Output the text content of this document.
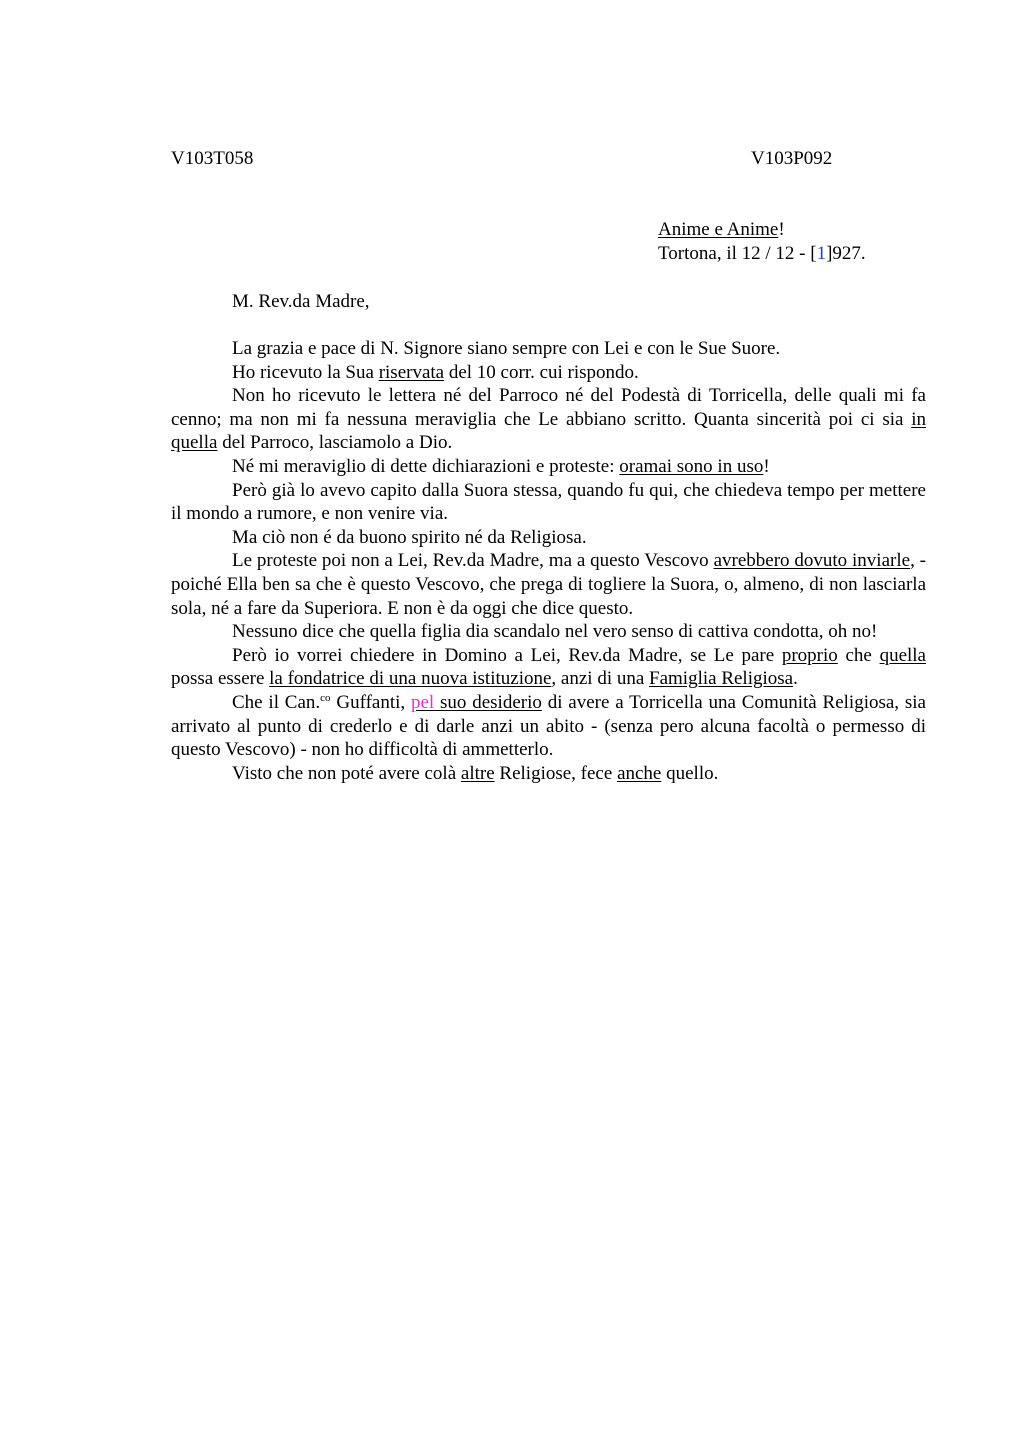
V103T058	V103P092
Anime e Anime!
Tortona, il 12 / 12 - [1]927.
M. Rev.da Madre,

La grazia e pace di N. Signore siano sempre con Lei e con le Sue Suore.

Ho ricevuto la Sua riservata del 10 corr. cui rispondo.

Non ho ricevuto le lettera né del Parroco né del Podestà di Torricella, delle quali mi fa cenno; ma non mi fa nessuna meraviglia che Le abbiano scritto. Quanta sincerità poi ci sia in quella del Parroco, lasciamolo a Dio.

Né mi meraviglio di dette dichiarazioni e proteste: oramai sono in uso!

Però già lo avevo capito dalla Suora stessa, quando fu qui, che chiedeva tempo per mettere il mondo a rumore, e non venire via.

Ma ciò non é da buono spirito né da Religiosa.

Le proteste poi non a Lei, Rev.da Madre, ma a questo Vescovo avrebbero dovuto inviarle, - poiché Ella ben sa che è questo Vescovo, che prega di togliere la Suora, o, almeno, di non lasciarla sola, né a fare da Superiora. E non è da oggi che dice questo.

Nessuno dice che quella figlia dia scandalo nel vero senso di cattiva condotta, oh no!

Però io vorrei chiedere in Domino a Lei, Rev.da Madre, se Le pare proprio che quella possa essere la fondatrice di una nuova istituzione, anzi di una Famiglia Religiosa.

Che il Can.$^{co}$ Guffanti, pel suo desiderio di avere a Torricella una Comunità Religiosa, sia arrivato al punto di crederlo e di darle anzi un abito - (senza pero alcuna facoltà o permesso di questo Vescovo) - non ho difficoltà di ammetterlo.

Visto che non poté avere colà altre Religiose, fece anche quello.
